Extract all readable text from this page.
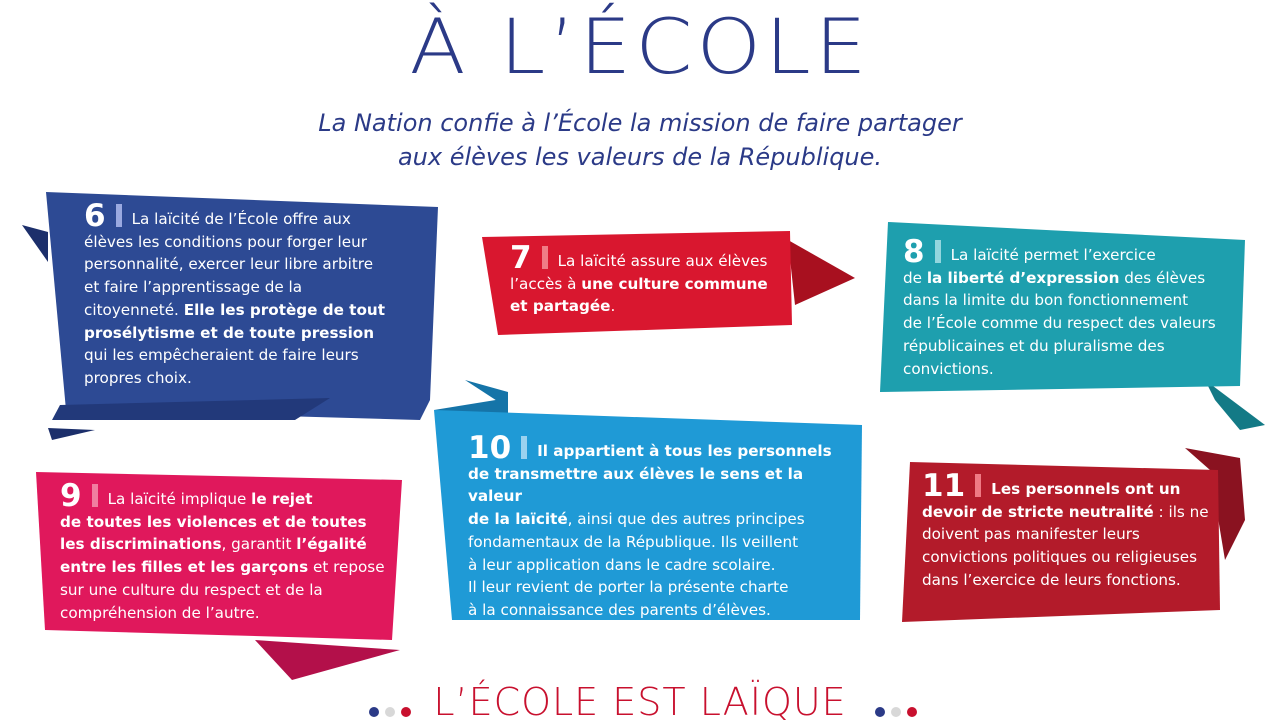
À L’ÉCOLE
La Nation confie à l’École la mission de faire partager
aux élèves les valeurs de la République.
6 La laïcité de l’École offre aux
élèves les conditions pour forger leur
personnalité, exercer leur libre arbitre
et faire l’apprentissage de la
citoyenneté. Elle les protège de tout
prosélytisme et de toute pression
qui les empêcheraient de faire leurs
propres choix.
7 La laïcité assure aux élèves
l’accès à une culture commune
et partagée.
8 La laïcité permet l’exercice
de la liberté d’expression des élèves
dans la limite du bon fonctionnement
de l’École comme du respect des valeurs
républicaines et du pluralisme des
convictions.
9 La laïcité implique le rejet
de toutes les violences et de toutes
les discriminations, garantit l’égalité
entre les filles et les garçons et repose
sur une culture du respect et de la
compréhension de l’autre.
10 Il appartient à tous les personnels
de transmettre aux élèves le sens et la valeur
de la laïcité, ainsi que des autres principes
fondamentaux de la République. Ils veillent
à leur application dans le cadre scolaire.
Il leur revient de porter la présente charte
à la connaissance des parents d’élèves.
11 Les personnels ont un
devoir de stricte neutralité : ils ne
doivent pas manifester leurs
convictions politiques ou religieuses
dans l’exercice de leurs fonctions.
L’ÉCOLE EST LAÏQUE
